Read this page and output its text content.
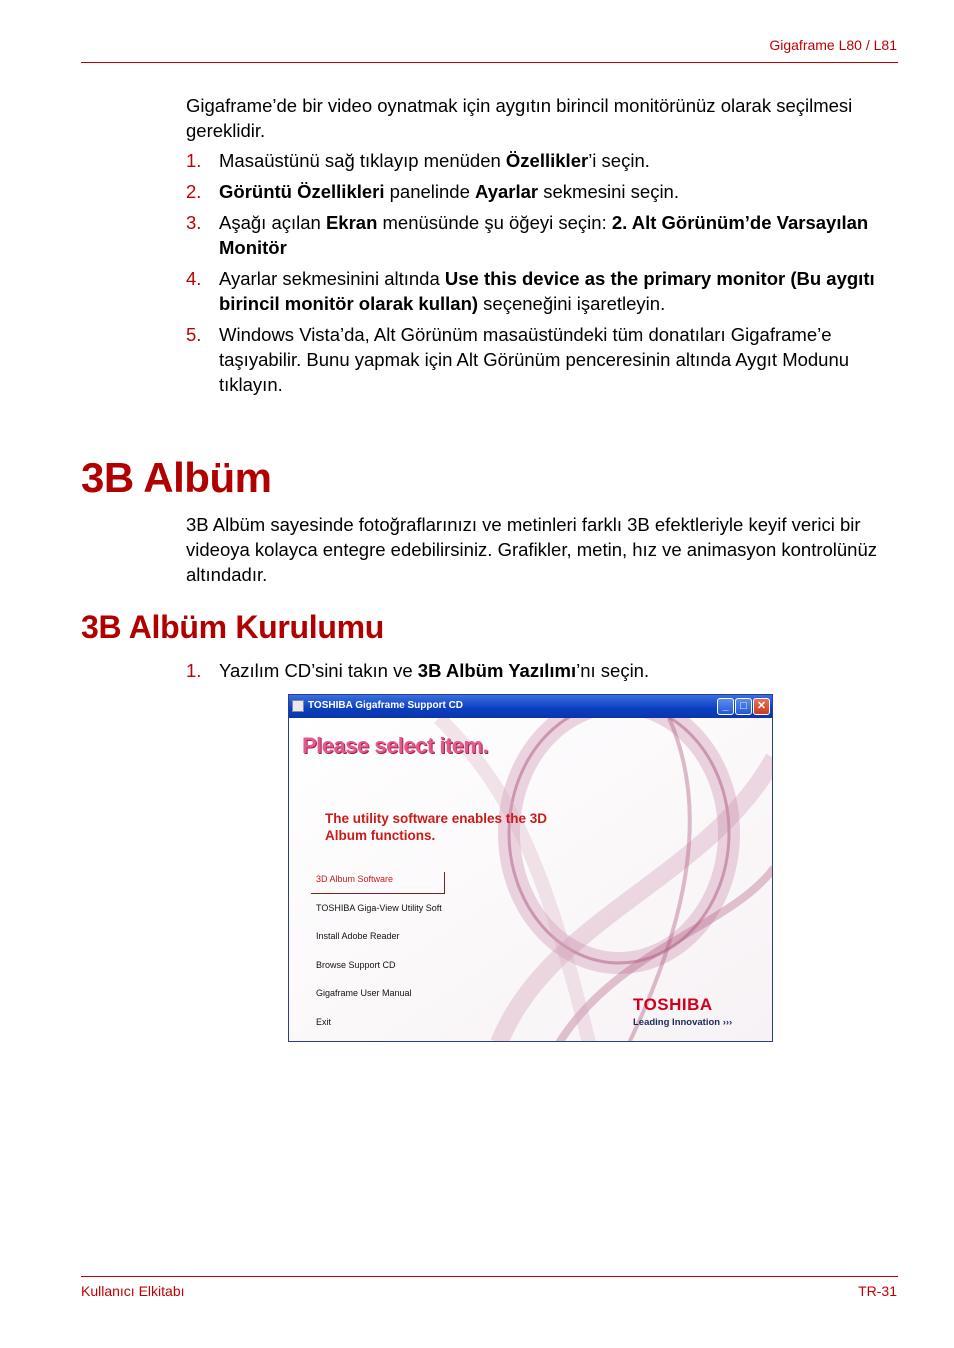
Gigaframe L80 / L81

Gigaframe’de bir video oynatmak için aygıtın birincil monitörünüz olarak seçilmesi gereklidir.

1. Masaüstünü sağ tıklayıp menüden Özellikler’i seçin.
2. Görüntü Özellikleri panelinde Ayarlar sekmesini seçin.
3. Aşağı açılan Ekran menüsünde şu öğeyi seçin: 2. Alt Görünüm’de Varsayılan Monitör
4. Ayarlar sekmesinini altında Use this device as the primary monitor (Bu aygıtı birincil monitör olarak kullan) seçeneğini işaretleyin.
5. Windows Vista’da, Alt Görünüm masaüstündeki tüm donatıları Gigaframe’e taşıyabilir. Bunu yapmak için Alt Görünüm penceresinin altında Aygıt Modunu tıklayın.
3B Albüm

3B Albüm sayesinde fotoğraflarınızı ve metinleri farklı 3B efektleriyle keyif verici bir videoya kolayca entegre edebilirsiniz. Grafikler, metin, hız ve animasyon kontrolünüz altındadır.

3B Albüm Kurulumu
1. Yazılım CD’sini takın ve 3B Albüm Yazılımı’nı seçin.
TOSHIBA Gigaframe Support CD	_	□ ✕
Please select item.
The utility software enables the 3D Album functions.
3D Album Software
TOSHIBA Giga-View Utility Soft
Install Adobe Reader
Browse Support CD
Gigaframe User Manual
Exit
TOSHIBA
Leading Innovation ›››
Kullanıcı Elkitabı	TR-31
